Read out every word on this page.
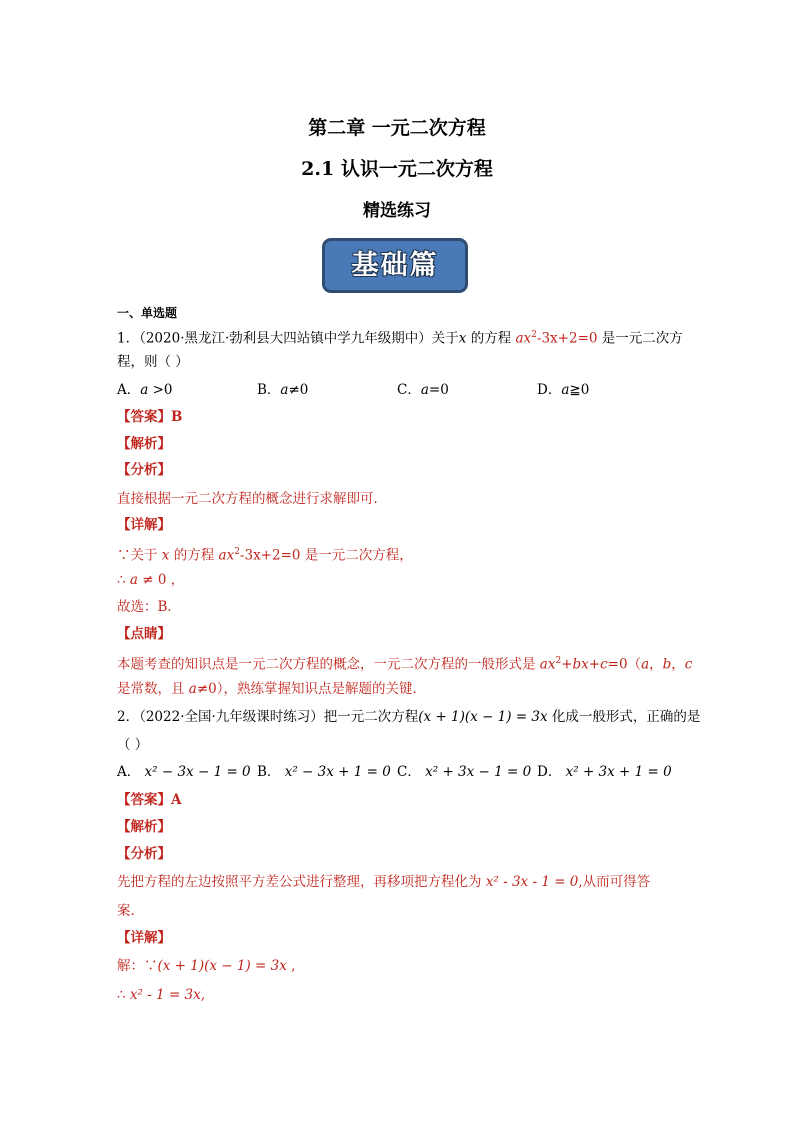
第二章 一元二次方程
2.1 认识一元二次方程
精选练习
基础篇
一、单选题
1．（2020·黑龙江·勃利县大四站镇中学九年级期中）关于x 的方程 $ax^2-3x+2=0$ 是一元二次方
程，则（ ）
A．a >0	B．a≠0	C．a=0	D．a≧0
【答案】B
【解析】
【分析】
直接根据一元二次方程的概念进行求解即可．
【详解】
∵关于 x 的方程 $ax^2-3x+2=0$ 是一元二次方程，
∴ a ≠ 0 ，
故选：B．
【点睛】
本题考查的知识点是一元二次方程的概念，一元二次方程的一般形式是 $ax^2+bx+c=0(a$，b，c
是常数，且 a≠0），熟练掌握知识点是解题的关键．
2．（2022·全国·九年级课时练习）把一元二次方程(x + 1)(x − 1) = 3x 化成一般形式，正确的是
（ ）
A． x² − 3x − 1 = 0 B． x² − 3x + 1 = 0 C． x² + 3x − 1 = 0 D． x² + 3x + 1 = 0
【答案】A
【解析】
【分析】
先把方程的左边按照平方差公式进行整理，再移项把方程化为 x² - 3x - 1 = 0,从而可得答
案．
【详解】
解：∵(x + 1)(x − 1) = 3x ,
∴ x² - 1 = 3x,
